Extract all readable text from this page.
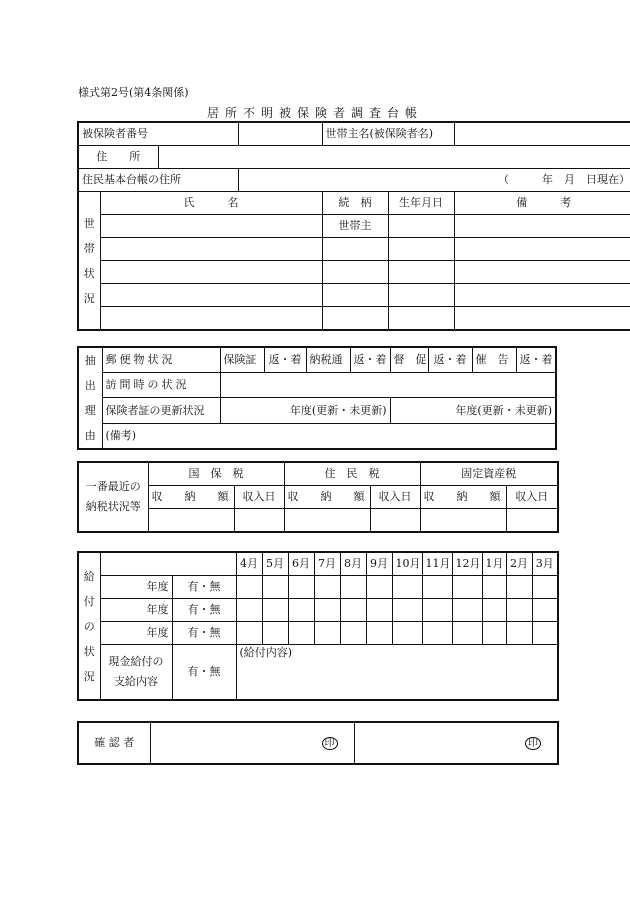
様式第2号(第4条関係)
居所不明被保険者調査台帳
被保険者番号				世帯主名(被保険者名)		
住　　所						
住民基本台帳の住所			（　　　年　月　日現在）			
世帯状況	氏　　　名			続　柄	生年月日	備　　　考
				世帯主		

抽出理由	郵便物状況	保険証	返・着	納税通	返・着	督　促	返・着	催　告	返・着
	訪問時の状況								
	保険者証の更新状況	年度(更新・未更新)				年度(更新・未更新)			
	(備考)								
一番最近の納税状況等	国　保　税		住　民　税		固定資産税	
	収　　納　　額	収入日	収　　納　　額	収入日	収　　納　　額	収入日

給付の状況			4月	5月	6月	7月	8月	9月	10月	11月	12月	1月	2月	3月
	年度	有・無												
	年度	有・無												
	年度	有・無												
	現金給付の支給内容	有・無	(給付内容)											
確 認 者	印	印
